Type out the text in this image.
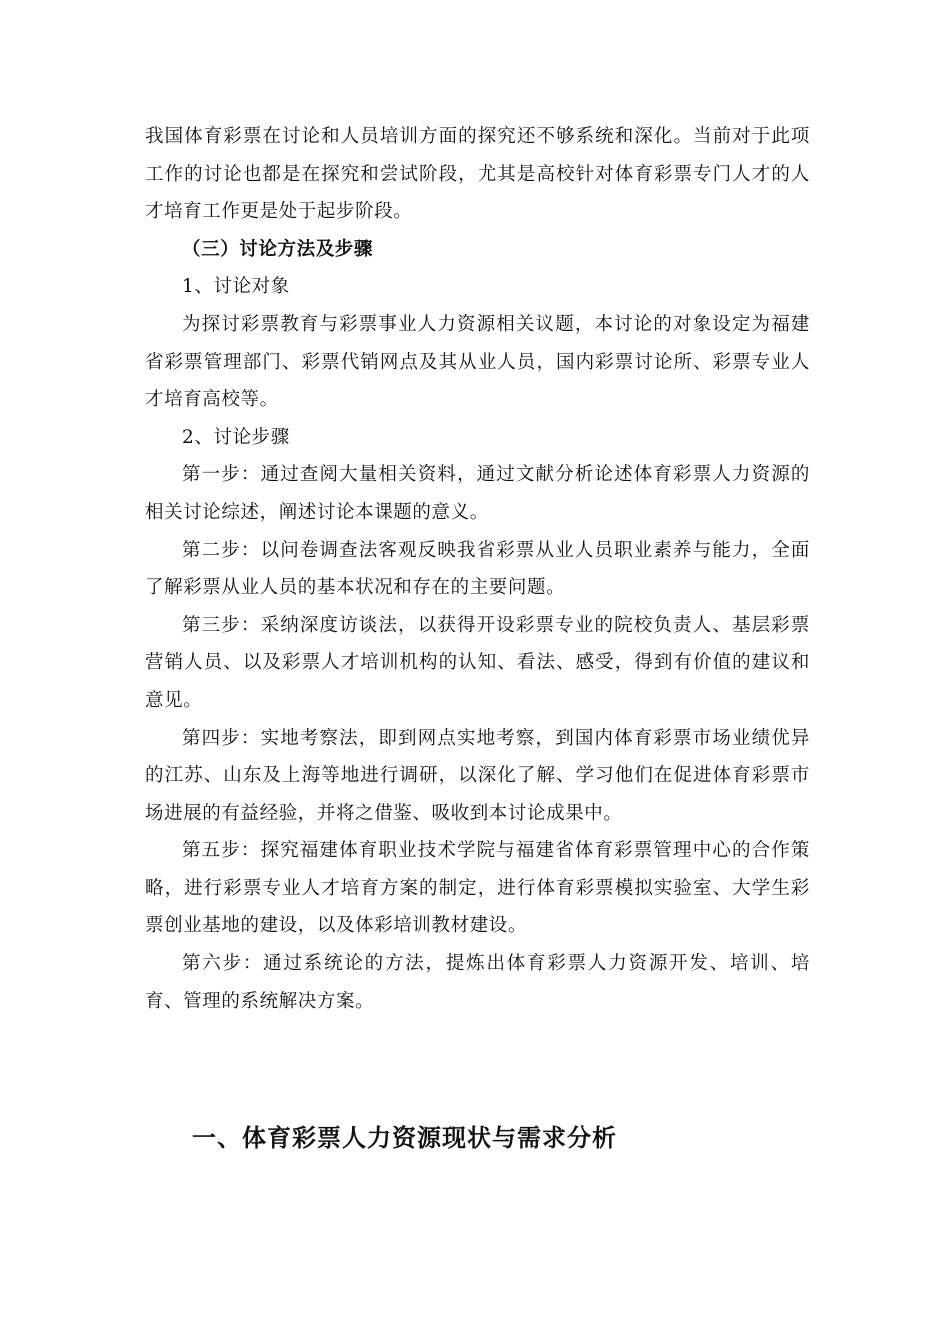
我国体育彩票在讨论和人员培训方面的探究还不够系统和深化。当前对于此项工作的讨论也都是在探究和尝试阶段，尤其是高校针对体育彩票专门人才的人才培育工作更是处于起步阶段。

（三）讨论方法及步骤

1、讨论对象

为探讨彩票教育与彩票事业人力资源相关议题，本讨论的对象设定为福建省彩票管理部门、彩票代销网点及其从业人员，国内彩票讨论所、彩票专业人才培育高校等。

2、讨论步骤

第一步：通过查阅大量相关资料，通过文献分析论述体育彩票人力资源的相关讨论综述，阐述讨论本课题的意义。

第二步：以问卷调查法客观反映我省彩票从业人员职业素养与能力，全面了解彩票从业人员的基本状况和存在的主要问题。

第三步：采纳深度访谈法，以获得开设彩票专业的院校负责人、基层彩票营销人员、以及彩票人才培训机构的认知、看法、感受，得到有价值的建议和意见。

第四步：实地考察法，即到网点实地考察，到国内体育彩票市场业绩优异的江苏、山东及上海等地进行调研，以深化了解、学习他们在促进体育彩票市场进展的有益经验，并将之借鉴、吸收到本讨论成果中。

第五步：探究福建体育职业技术学院与福建省体育彩票管理中心的合作策略，进行彩票专业人才培育方案的制定，进行体育彩票模拟实验室、大学生彩票创业基地的建设，以及体彩培训教材建设。

第六步：通过系统论的方法，提炼出体育彩票人力资源开发、培训、培育、管理的系统解决方案。

一、体育彩票人力资源现状与需求分析
